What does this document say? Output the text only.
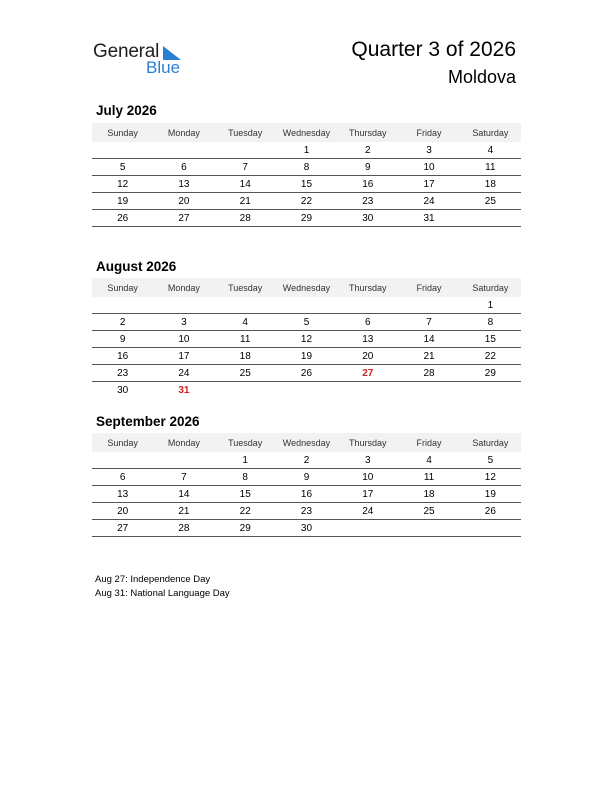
General
Blue
Quarter 3 of 2026
Moldova
July 2026
Sunday	Monday	Tuesday	Wednesday	Thursday	Friday	Saturday
			1	2	3	4
5	6	7	8	9	10	11
12	13	14	15	16	17	18
19	20	21	22	23	24	25
26	27	28	29	30	31	
August 2026
Sunday	Monday	Tuesday	Wednesday	Thursday	Friday	Saturday
						1
2	3	4	5	6	7	8
9	10	11	12	13	14	15
16	17	18	19	20	21	22
23	24	25	26	27	28	29
30	31					
September 2026
Sunday	Monday	Tuesday	Wednesday	Thursday	Friday	Saturday
		1	2	3	4	5
6	7	8	9	10	11	12
13	14	15	16	17	18	19
20	21	22	23	24	25	26
27	28	29	30			
Aug 27: Independence Day
Aug 31: National Language Day
